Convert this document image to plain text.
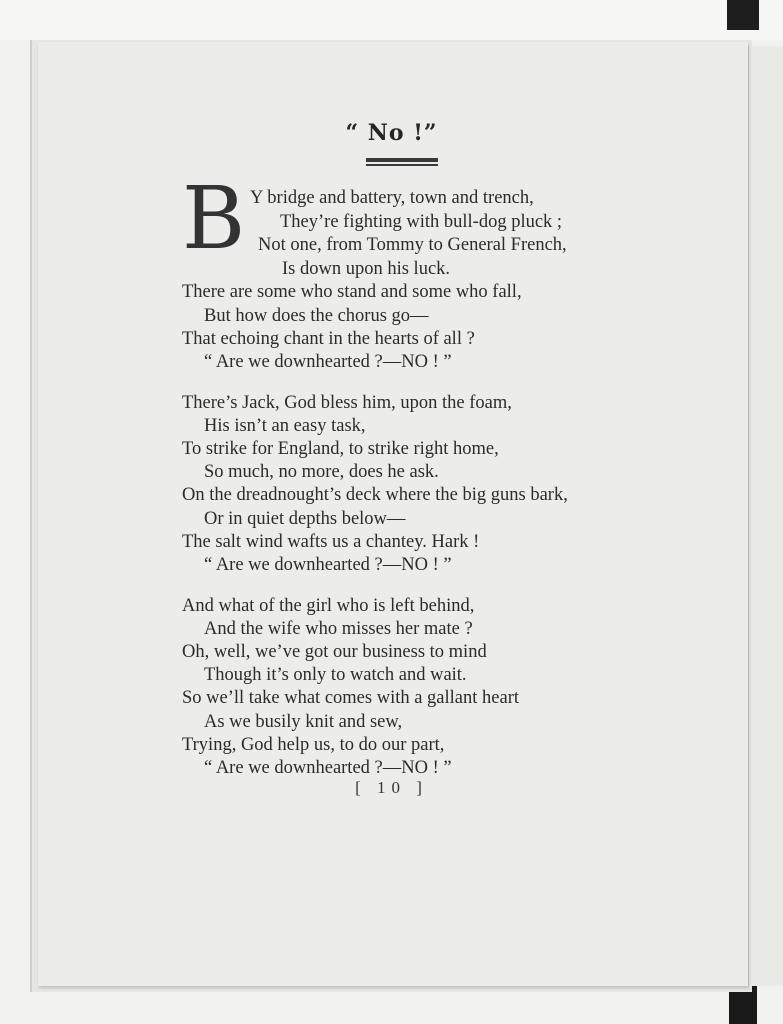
“ No !”
B Y bridge and battery, town and trench,
They’re fighting with bull-dog pluck ;
Not one, from Tommy to General French,
Is down upon his luck.
There are some who stand and some who fall,
But how does the chorus go—
That echoing chant in the hearts of all ?
“ Are we downhearted ?—NO ! ”
There’s Jack, God bless him, upon the foam,
His isn’t an easy task,
To strike for England, to strike right home,
So much, no more, does he ask.
On the dreadnought’s deck where the big guns bark,
Or in quiet depths below—
The salt wind wafts us a chantey. Hark !
“ Are we downhearted ?—NO ! ”
And what of the girl who is left behind,
And the wife who misses her mate ?
Oh, well, we’ve got our business to mind
Though it’s only to watch and wait.
So we’ll take what comes with a gallant heart
As we busily knit and sew,
Trying, God help us, to do our part,
“ Are we downhearted ?—NO ! ”
[ 10 ]
